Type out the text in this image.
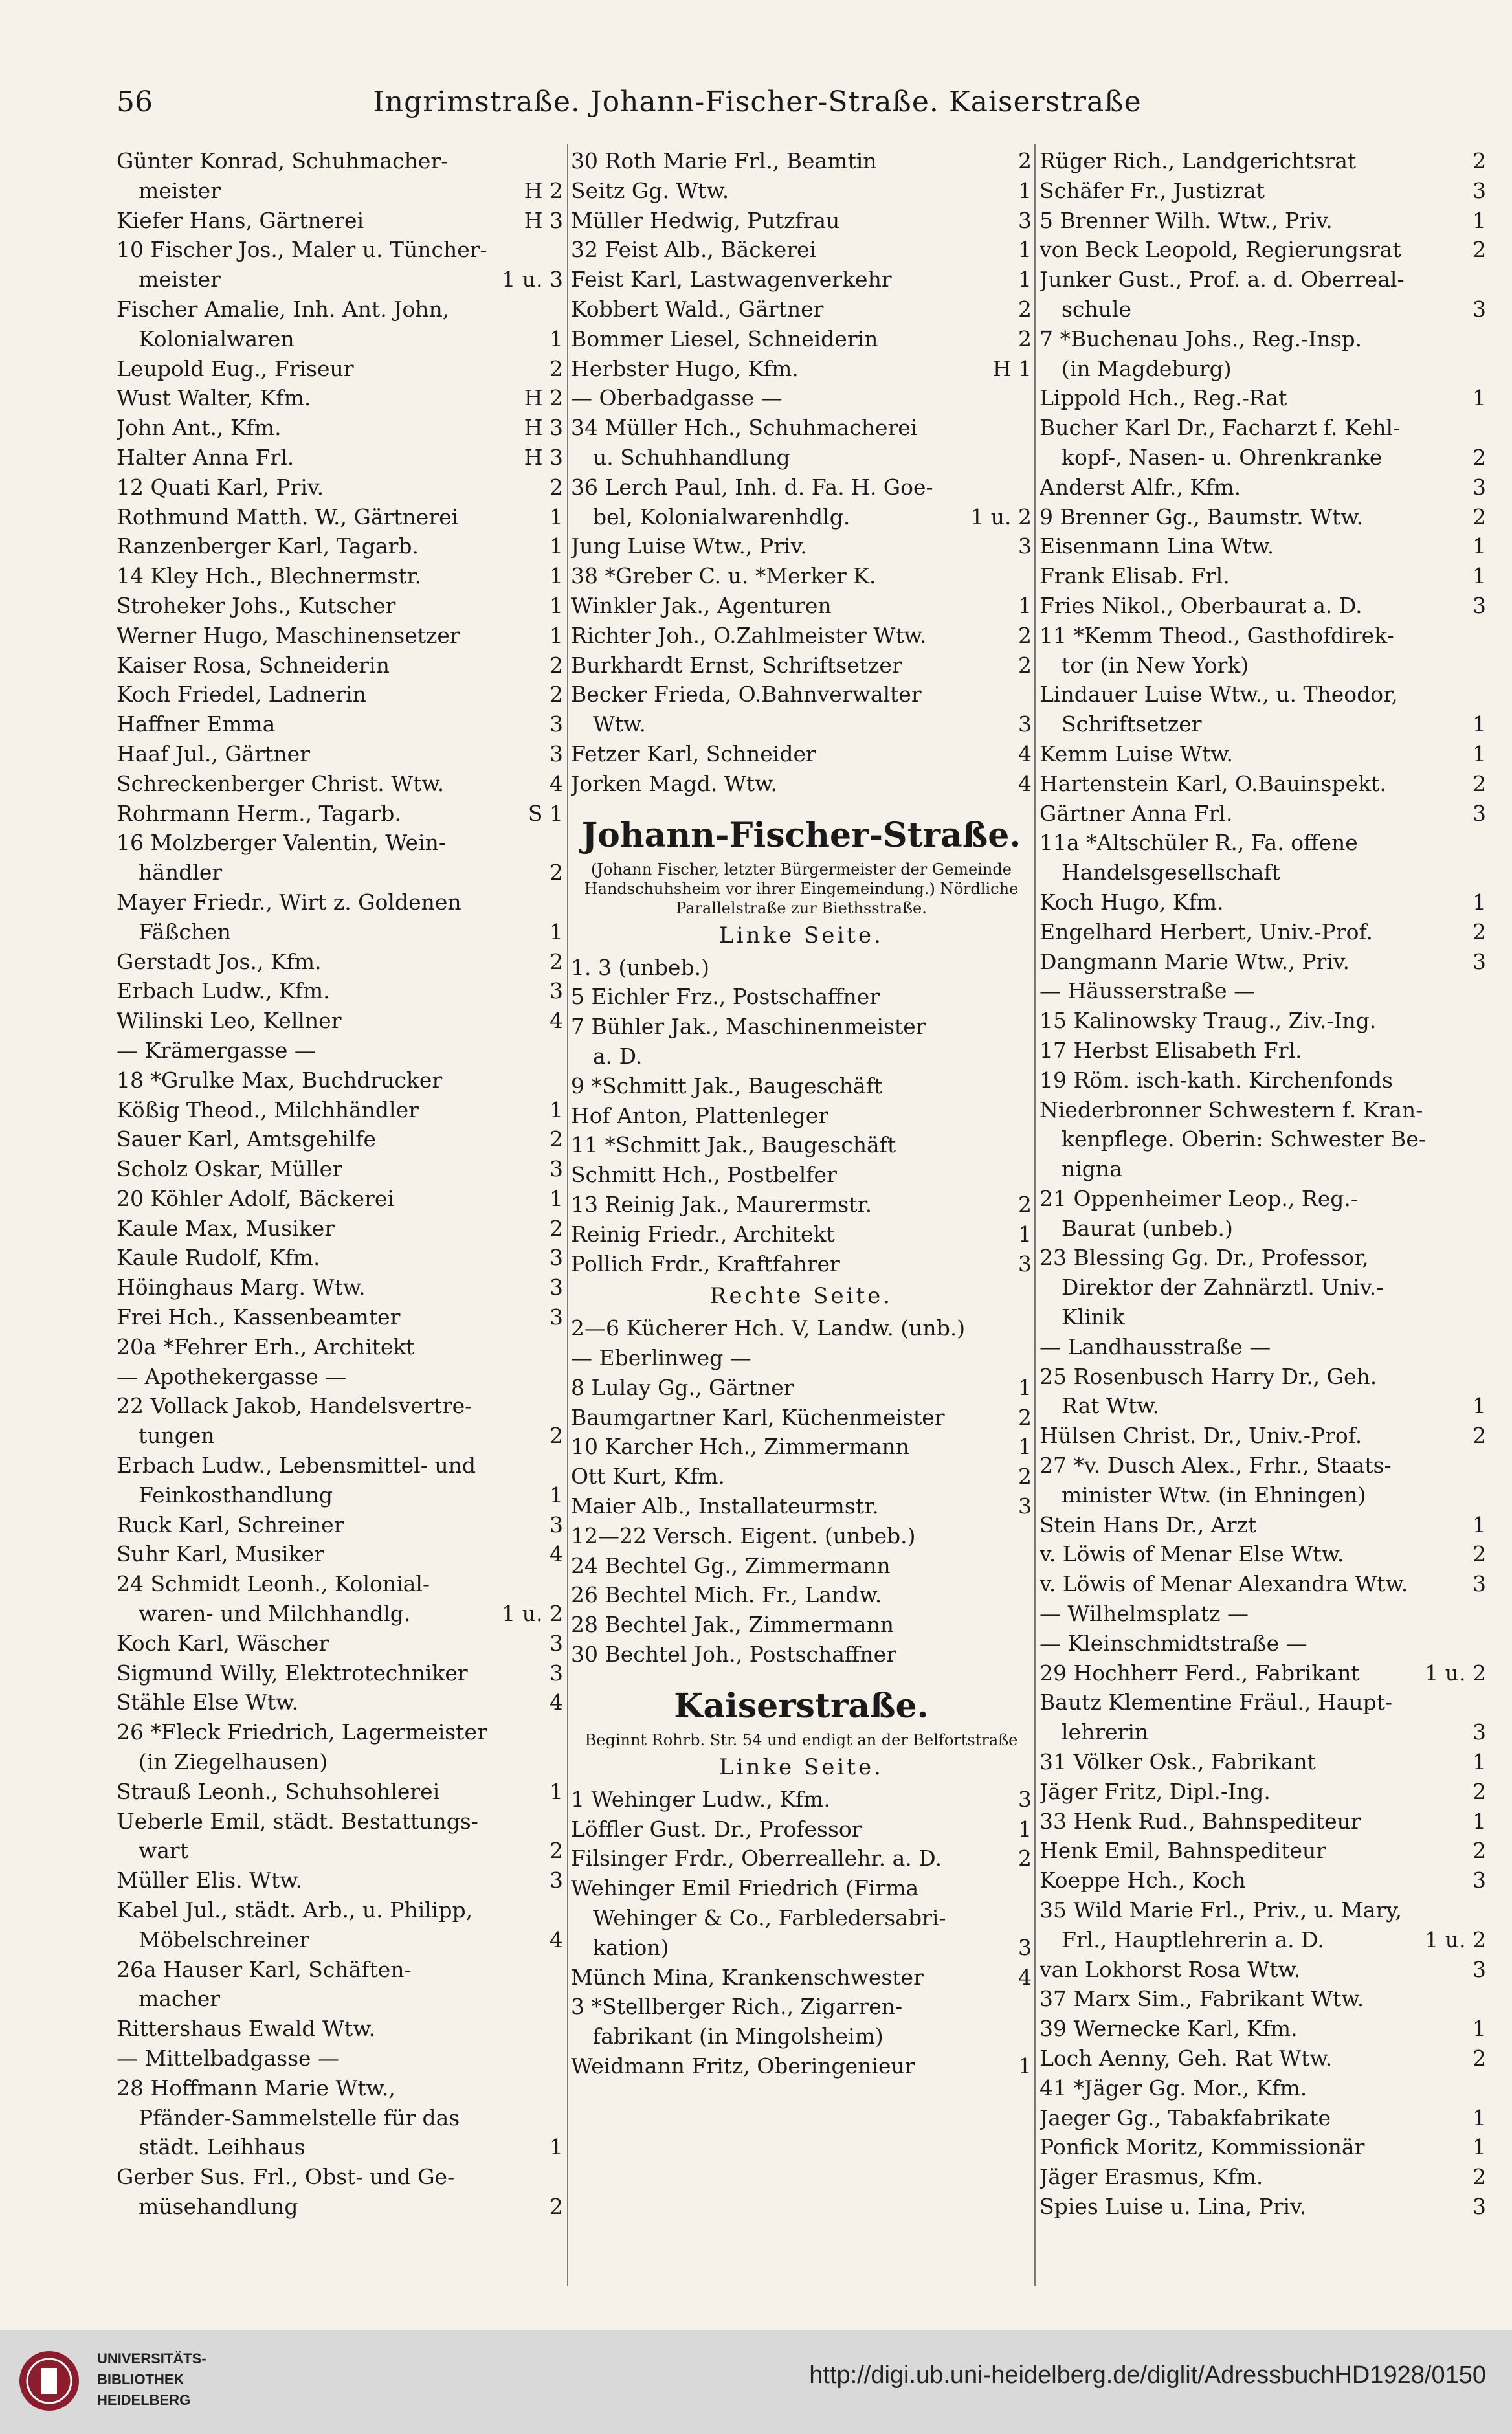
56	Ingrimstraße. Johann-Fischer-Straße. Kaiserstraße
Günter Konrad, Schuhmacher-
meister	H 2
Kiefer Hans, Gärtnerei	H 3
10 Fischer Jos., Maler u. Tüncher-
meister	1 u. 3
Fischer Amalie, Inh. Ant. John,
Kolonialwaren	1
Leupold Eug., Friseur	2
Wust Walter, Kfm.	H 2
John Ant., Kfm.	H 3
Halter Anna Frl.	H 3
12 Quati Karl, Priv.	2
Rothmund Matth. W., Gärtnerei	1
Ranzenberger Karl, Tagarb.	1
14 Kley Hch., Blechnermstr.	1
Stroheker Johs., Kutscher	1
Werner Hugo, Maschinensetzer	1
Kaiser Rosa, Schneiderin	2
Koch Friedel, Ladnerin	2
Haffner Emma	3
Haaf Jul., Gärtner	3
Schreckenberger Christ. Wtw.	4
Rohrmann Herm., Tagarb.	S 1
16 Molzberger Valentin, Wein-
händler	2
Mayer Friedr., Wirt z. Goldenen
Fäßchen	1
Gerstadt Jos., Kfm.	2
Erbach Ludw., Kfm.	3
Wilinski Leo, Kellner	4
— Krämergasse —
18 *Grulke Max, Buchdrucker
Kößig Theod., Milchhändler	1
Sauer Karl, Amtsgehilfe	2
Scholz Oskar, Müller	3
20 Köhler Adolf, Bäckerei	1
Kaule Max, Musiker	2
Kaule Rudolf, Kfm.	3
Höinghaus Marg. Wtw.	3
Frei Hch., Kassenbeamter	3
20a *Fehrer Erh., Architekt
— Apothekergasse —
22 Vollack Jakob, Handelsvertre-
tungen	2
Erbach Ludw., Lebensmittel- und
Feinkosthandlung	1
Ruck Karl, Schreiner	3
Suhr Karl, Musiker	4
24 Schmidt Leonh., Kolonial-
waren- und Milchhandlg.	1 u. 2
Koch Karl, Wäscher	3
Sigmund Willy, Elektrotechniker	3
Stähle Else Wtw.	4
26 *Fleck Friedrich, Lagermeister
(in Ziegelhausen)
Strauß Leonh., Schuhsohlerei	1
Ueberle Emil, städt. Bestattungs-
wart	2
Müller Elis. Wtw.	3
Kabel Jul., städt. Arb., u. Philipp,
Möbelschreiner	4
26a Hauser Karl, Schäften-
macher
Rittershaus Ewald Wtw.
— Mittelbadgasse —
28 Hoffmann Marie Wtw.,
Pfänder-Sammelstelle für das
städt. Leihhaus	1
Gerber Sus. Frl., Obst- und Ge-
müsehandlung	2
30 Roth Marie Frl., Beamtin	2
Seitz Gg. Wtw.	1
Müller Hedwig, Putzfrau	3
32 Feist Alb., Bäckerei	1
Feist Karl, Lastwagenverkehr	1
Kobbert Wald., Gärtner	2
Bommer Liesel, Schneiderin	2
Herbster Hugo, Kfm.	H 1
— Oberbadgasse —
34 Müller Hch., Schuhmacherei
u. Schuhhandlung
36 Lerch Paul, Inh. d. Fa. H. Goe-
bel, Kolonialwarenhdlg.	1 u. 2
Jung Luise Wtw., Priv.	3
38 *Greber C. u. *Merker K.
Winkler Jak., Agenturen	1
Richter Joh., O.Zahlmeister Wtw.	2
Burkhardt Ernst, Schriftsetzer	2
Becker Frieda, O.Bahnverwalter
Wtw.	3
Fetzer Karl, Schneider	4
Jorken Magd. Wtw.	4
Johann-Fischer-Straße.
(Johann Fischer, letzter Bürgermeister der Gemeinde Handschuhsheim vor ihrer Eingemeindung.) Nördliche Parallelstraße zur Biethsstraße.
Linke Seite.
1. 3 (unbeb.)
5 Eichler Frz., Postschaffner
7 Bühler Jak., Maschinenmeister
a. D.
9 *Schmitt Jak., Baugeschäft
Hof Anton, Plattenleger
11 *Schmitt Jak., Baugeschäft
Schmitt Hch., Postbelfer
13 Reinig Jak., Maurermstr.	2
Reinig Friedr., Architekt	1
Pollich Frdr., Kraftfahrer	3
Rechte Seite.
2—6 Kücherer Hch. V, Landw. (unb.)
— Eberlinweg —
8 Lulay Gg., Gärtner	1
Baumgartner Karl, Küchenmeister	2
10 Karcher Hch., Zimmermann	1
Ott Kurt, Kfm.	2
Maier Alb., Installateurmstr.	3
12—22 Versch. Eigent. (unbeb.)
24 Bechtel Gg., Zimmermann
26 Bechtel Mich. Fr., Landw.
28 Bechtel Jak., Zimmermann
30 Bechtel Joh., Postschaffner
Kaiserstraße.
Beginnt Rohrb. Str. 54 und endigt an der Belfortstraße
Linke Seite.
1 Wehinger Ludw., Kfm.	3
Löffler Gust. Dr., Professor	1
Filsinger Frdr., Oberreallehr. a. D.	2
Wehinger Emil Friedrich (Firma
Wehinger & Co., Farbledersabri-
kation)	3
Münch Mina, Krankenschwester	4
3 *Stellberger Rich., Zigarren-
fabrikant (in Mingolsheim)
Weidmann Fritz, Oberingenieur	1
Rüger Rich., Landgerichtsrat	2
Schäfer Fr., Justizrat	3
5 Brenner Wilh. Wtw., Priv.	1
von Beck Leopold, Regierungsrat	2
Junker Gust., Prof. a. d. Oberreal-
schule	3
7 *Buchenau Johs., Reg.-Insp.
(in Magdeburg)
Lippold Hch., Reg.-Rat	1
Bucher Karl Dr., Facharzt f. Kehl-
kopf-, Nasen- u. Ohrenkranke	2
Anderst Alfr., Kfm.	3
9 Brenner Gg., Baumstr. Wtw.	2
Eisenmann Lina Wtw.	1
Frank Elisab. Frl.	1
Fries Nikol., Oberbaurat a. D.	3
11 *Kemm Theod., Gasthofdirek-
tor (in New York)
Lindauer Luise Wtw., u. Theodor,
Schriftsetzer	1
Kemm Luise Wtw.	1
Hartenstein Karl, O.Bauinspekt.	2
Gärtner Anna Frl.	3
11a *Altschüler R., Fa. offene
Handelsgesellschaft
Koch Hugo, Kfm.	1
Engelhard Herbert, Univ.-Prof.	2
Dangmann Marie Wtw., Priv.	3
— Häusserstraße —
15 Kalinowsky Traug., Ziv.-Ing.
17 Herbst Elisabeth Frl.
19 Röm. isch-kath. Kirchenfonds
Niederbronner Schwestern f. Kran-
kenpflege. Oberin: Schwester Be-
nigna
21 Oppenheimer Leop., Reg.-
Baurat (unbeb.)
23 Blessing Gg. Dr., Professor,
Direktor der Zahnärztl. Univ.-
Klinik
— Landhausstraße —
25 Rosenbusch Harry Dr., Geh.
Rat Wtw.	1
Hülsen Christ. Dr., Univ.-Prof.	2
27 *v. Dusch Alex., Frhr., Staats-
minister Wtw. (in Ehningen)
Stein Hans Dr., Arzt	1
v. Löwis of Menar Else Wtw.	2
v. Löwis of Menar Alexandra Wtw.	3
— Wilhelmsplatz —
— Kleinschmidtstraße —
29 Hochherr Ferd., Fabrikant	1 u. 2
Bautz Klementine Fräul., Haupt-
lehrerin	3
31 Völker Osk., Fabrikant	1
Jäger Fritz, Dipl.-Ing.	2
33 Henk Rud., Bahnspediteur	1
Henk Emil, Bahnspediteur	2
Koeppe Hch., Koch	3
35 Wild Marie Frl., Priv., u. Mary,
Frl., Hauptlehrerin a. D.	1 u. 2
van Lokhorst Rosa Wtw.	3
37 Marx Sim., Fabrikant Wtw.
39 Wernecke Karl, Kfm.	1
Loch Aenny, Geh. Rat Wtw.	2
41 *Jäger Gg. Mor., Kfm.
Jaeger Gg., Tabakfabrikate	1
Ponfick Moritz, Kommissionär	1
Jäger Erasmus, Kfm.	2
Spies Luise u. Lina, Priv.	3
UNIVERSITÄTS-
BIBLIOTHEK
HEIDELBERG
http://digi.ub.uni-heidelberg.de/diglit/AdressbuchHD1928/0150
